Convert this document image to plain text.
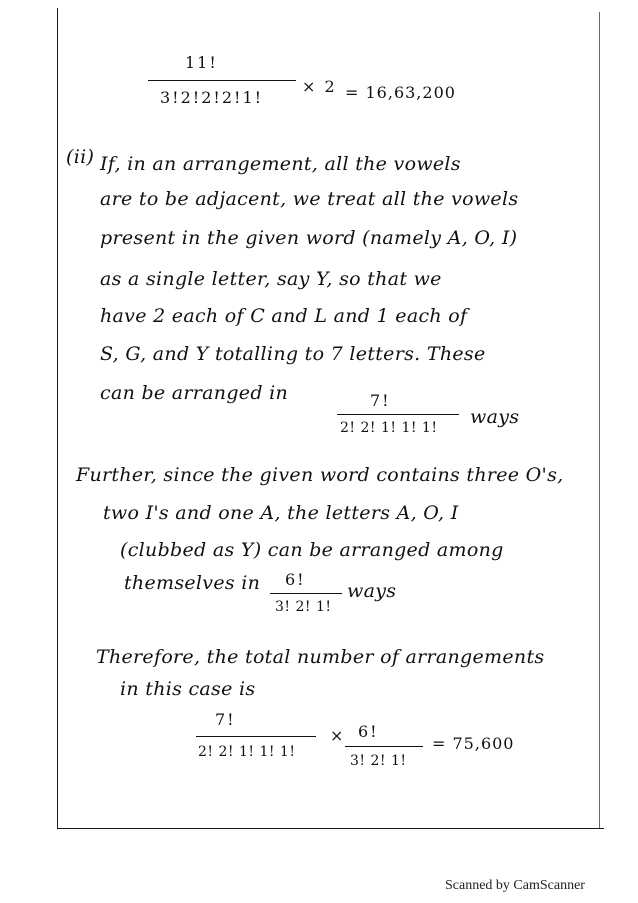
11!
3!2!2!2!1!
× 2 = 16,63,200
(ii) If, in an arrangement, all the vowels
are to be adjacent, we treat all the vowels
present in the given word (namely A, O, I)
as a single letter, say Y, so that we
have 2 each of C and L and 1 each of
S, G, and Y totalling to 7 letters. These
can be arranged in	7!
2! 2! 1! 1! 1! ways
Further, since the given word contains three O's,
two I's and one A, the letters A, O, I
(clubbed as Y) can be arranged among
themselves in 6!
3! 2! 1!
ways
Therefore, the total number of arrangements
in this case is
7!
2! 2! 1! 1! 1!
× 6!
3! 2! 1!
= 75,600
Scanned by CamScanner
